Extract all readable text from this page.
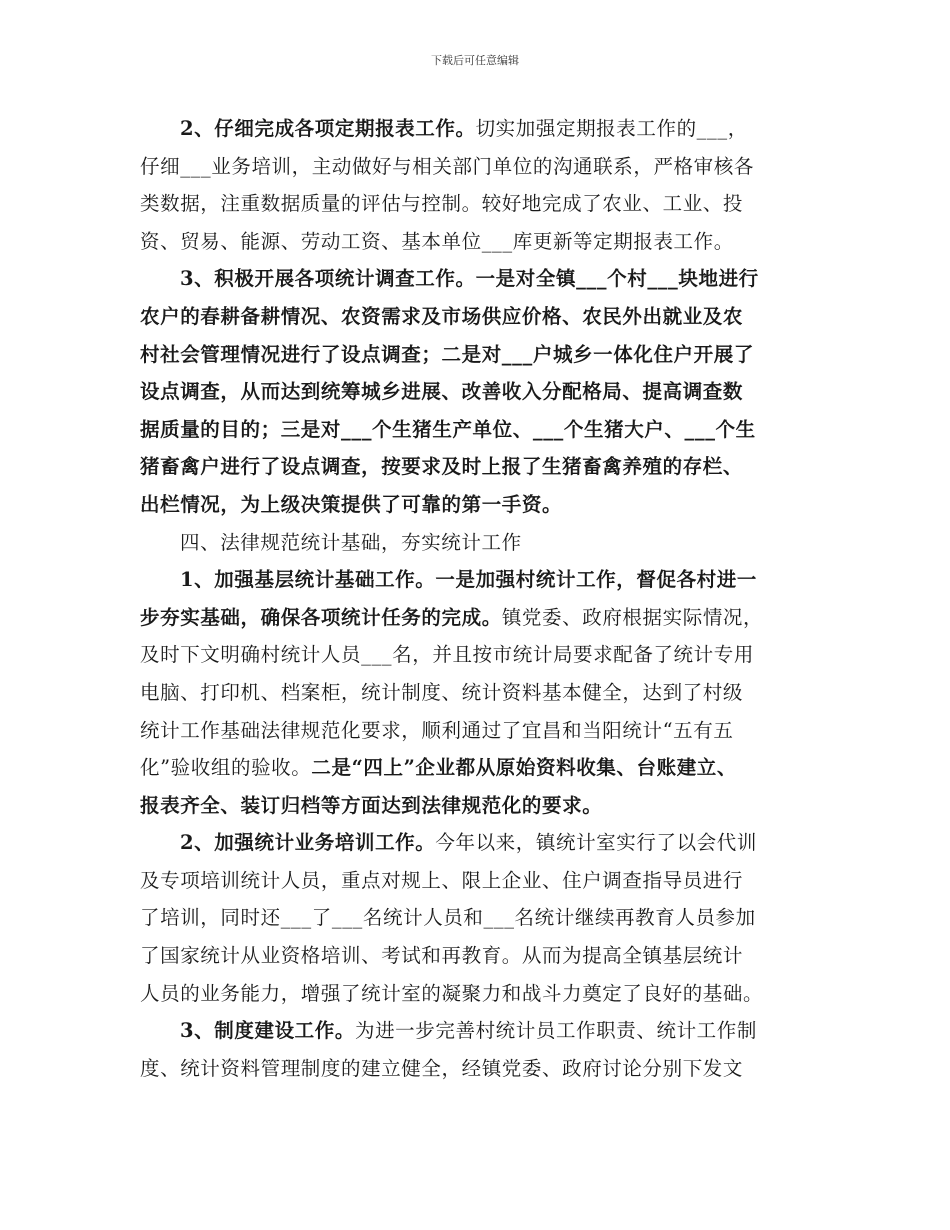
下载后可任意编辑
2、仔细完成各项定期报表工作。切实加强定期报表工作的___，
仔细___业务培训，主动做好与相关部门单位的沟通联系，严格审核各
类数据，注重数据质量的评估与控制。较好地完成了农业、工业、投
资、贸易、能源、劳动工资、基本单位___库更新等定期报表工作。
3、积极开展各项统计调查工作。一是对全镇___个村___块地进行
农户的春耕备耕情况、农资需求及市场供应价格、农民外出就业及农
村社会管理情况进行了设点调查；二是对___户城乡一体化住户开展了
设点调查，从而达到统筹城乡进展、改善收入分配格局、提高调查数
据质量的目的；三是对___个生猪生产单位、___个生猪大户、___个生
猪畜禽户进行了设点调查，按要求及时上报了生猪畜禽养殖的存栏、
出栏情况，为上级决策提供了可靠的第一手资。
四、法律规范统计基础，夯实统计工作
1、加强基层统计基础工作。一是加强村统计工作，督促各村进一
步夯实基础，确保各项统计任务的完成。镇党委、政府根据实际情况，
及时下文明确村统计人员___名，并且按市统计局要求配备了统计专用
电脑、打印机、档案柜，统计制度、统计资料基本健全，达到了村级
统计工作基础法律规范化要求，顺利通过了宜昌和当阳统计“五有五
化”验收组的验收。二是“四上”企业都从原始资料收集、台账建立、
报表齐全、装订归档等方面达到法律规范化的要求。
2、加强统计业务培训工作。今年以来，镇统计室实行了以会代训
及专项培训统计人员，重点对规上、限上企业、住户调查指导员进行
了培训，同时还___了___名统计人员和___名统计继续再教育人员参加
了国家统计从业资格培训、考试和再教育。从而为提高全镇基层统计
人员的业务能力，增强了统计室的凝聚力和战斗力奠定了良好的基础。
3、制度建设工作。为进一步完善村统计员工作职责、统计工作制
度、统计资料管理制度的建立健全，经镇党委、政府讨论分别下发文
